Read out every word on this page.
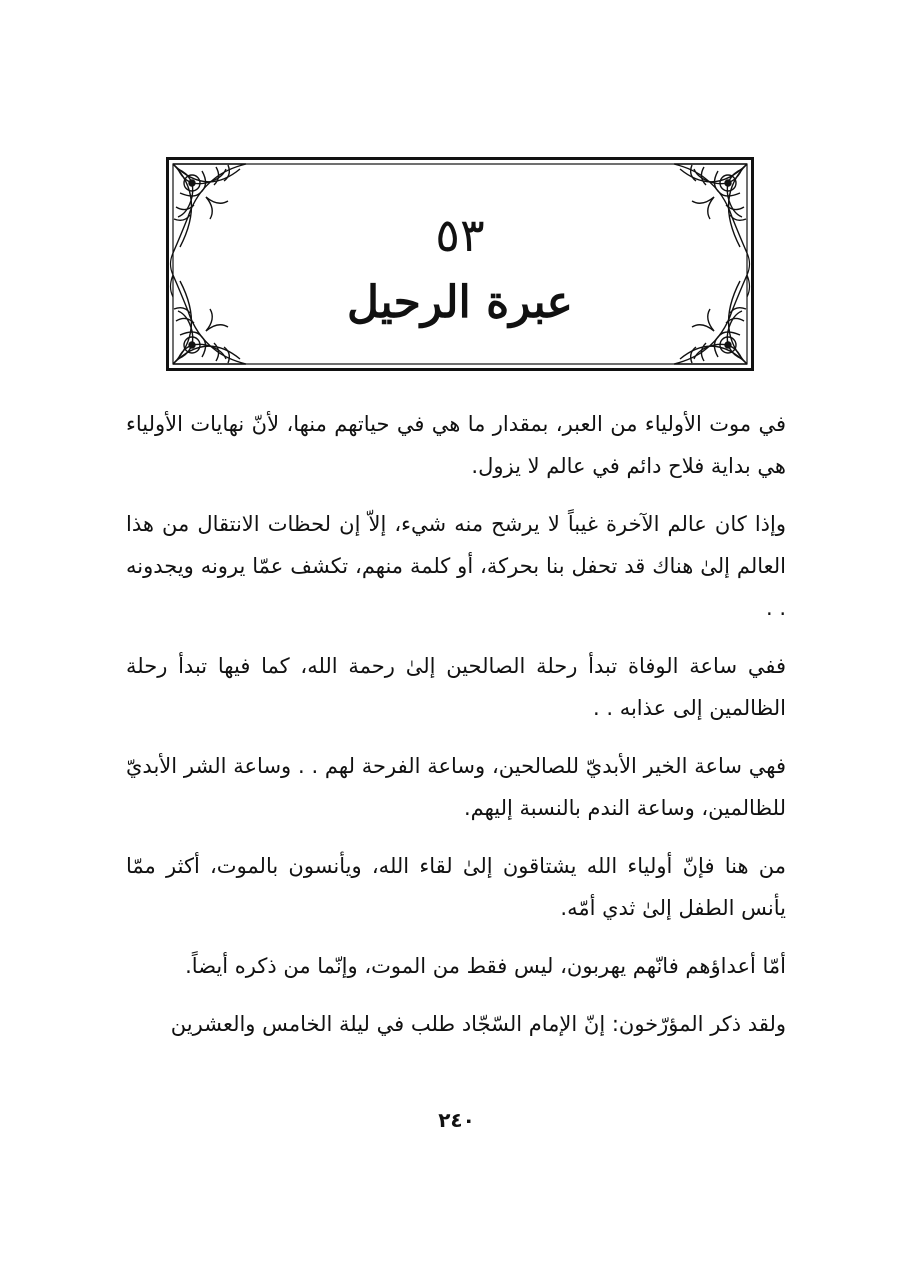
٥٣
عبرة الرحيل

في موت الأولياء من العبر، بمقدار ما هي في حياتهم منها، لأنّ نهايات الأولياء هي بداية فلاح دائم في عالم لا يزول.

وإذا كان عالم الآخرة غيباً لا يرشح منه شيء، إلاّ إن لحظات الانتقال من هذا العالم إلىٰ هناك قد تحفل بنا بحركة، أو كلمة منهم، تكشف عمّا يرونه ويجدونه . .

ففي ساعة الوفاة تبدأ رحلة الصالحين إلىٰ رحمة الله، كما فيها تبدأ رحلة الظالمين إلى عذابه . .

فهي ساعة الخير الأبديّ للصالحين، وساعة الفرحة لهم . . وساعة الشر الأبديّ للظالمين، وساعة الندم بالنسبة إليهم.

من هنا فإنّ أولياء الله يشتاقون إلىٰ لقاء الله، ويأنسون بالموت، أكثر ممّا يأنس الطفل إلىٰ ثدي أمّه.

أمّا أعداؤهم فانّهم يهربون، ليس فقط من الموت، وإنّما من ذكره أيضاً.

ولقد ذكر المؤرّخون: إنّ الإمام السّجّاد طلب في ليلة الخامس والعشرين

٢٤٠
